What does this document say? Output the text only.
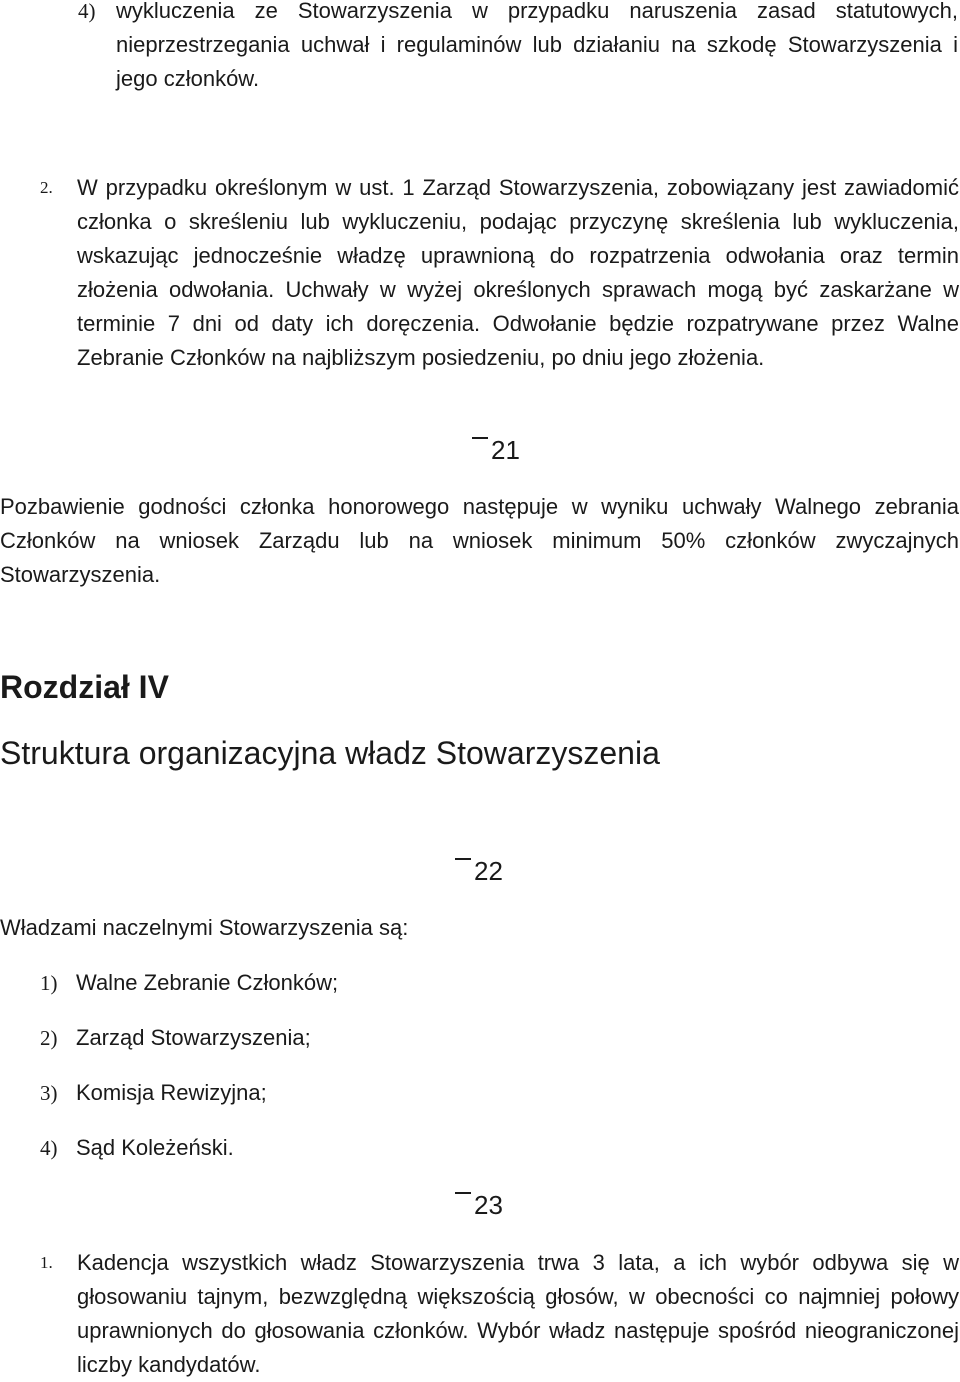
4) wykluczenia ze Stowarzyszenia w przypadku naruszenia zasad statutowych, nieprzestrzegania uchwał i regulaminów lub działaniu na szkodę Stowarzyszenia i jego członków.
2. W przypadku określonym w ust. 1 Zarząd Stowarzyszenia, zobowiązany jest zawiadomić członka o skreśleniu lub wykluczeniu, podając przyczynę skreślenia lub wykluczenia, wskazując jednocześnie władzę uprawnioną do rozpatrzenia odwołania oraz termin złożenia odwołania. Uchwały w wyżej określonych sprawach mogą być zaskarżane w terminie 7 dni od daty ich doręczenia. Odwołanie będzie rozpatrywane przez Walne Zebranie Członków na najbliższym posiedzeniu, po dniu jego złożenia.
21
Pozbawienie godności członka honorowego następuje w wyniku uchwały Walnego zebrania Członków na wniosek Zarządu lub na wniosek minimum 50% członków zwyczajnych Stowarzyszenia.
Rozdział IV
Struktura organizacyjna władz Stowarzyszenia
22
Władzami naczelnymi Stowarzyszenia są:
1) Walne Zebranie Członków;
2) Zarząd Stowarzyszenia;
3) Komisja Rewizyjna;
4) Sąd Koleżeński.
23
1. Kadencja wszystkich władz Stowarzyszenia trwa 3 lata, a ich wybór odbywa się w głosowaniu tajnym, bezwzględną większością głosów, w obecności co najmniej połowy uprawnionych do głosowania członków. Wybór władz następuje spośród nieograniczonej liczby kandydatów.
